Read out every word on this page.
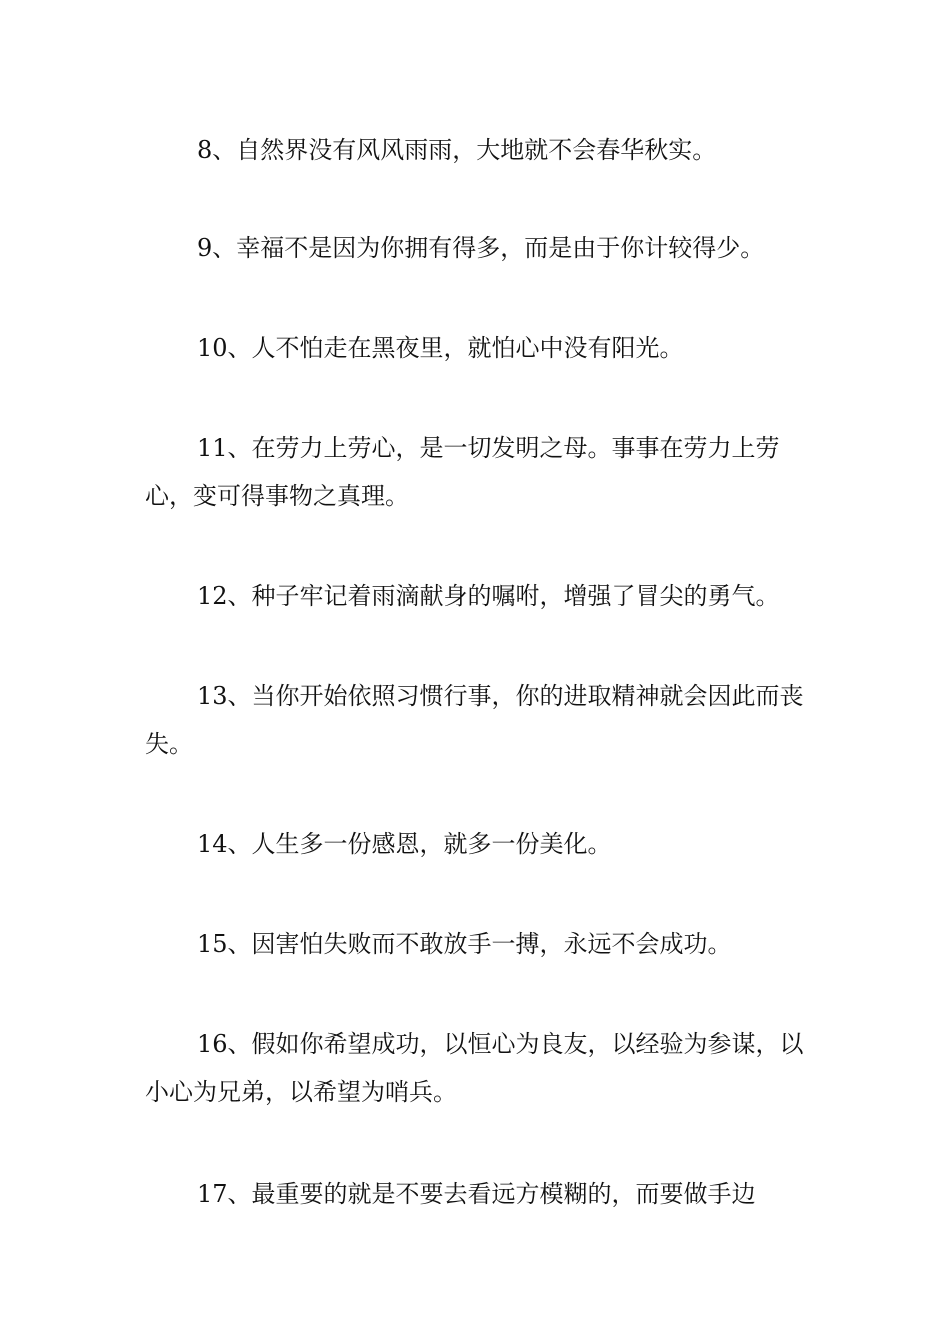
8、自然界没有风风雨雨，大地就不会春华秋实。

9、幸福不是因为你拥有得多，而是由于你计较得少。

10、人不怕走在黑夜里，就怕心中没有阳光。

11、在劳力上劳心，是一切发明之母。事事在劳力上劳心，变可得事物之真理。

12、种子牢记着雨滴献身的嘱咐，增强了冒尖的勇气。

13、当你开始依照习惯行事，你的进取精神就会因此而丧失。

14、人生多一份感恩，就多一份美化。

15、因害怕失败而不敢放手一搏，永远不会成功。

16、假如你希望成功，以恒心为良友，以经验为参谋，以小心为兄弟，以希望为哨兵。

17、最重要的就是不要去看远方模糊的，而要做手边
